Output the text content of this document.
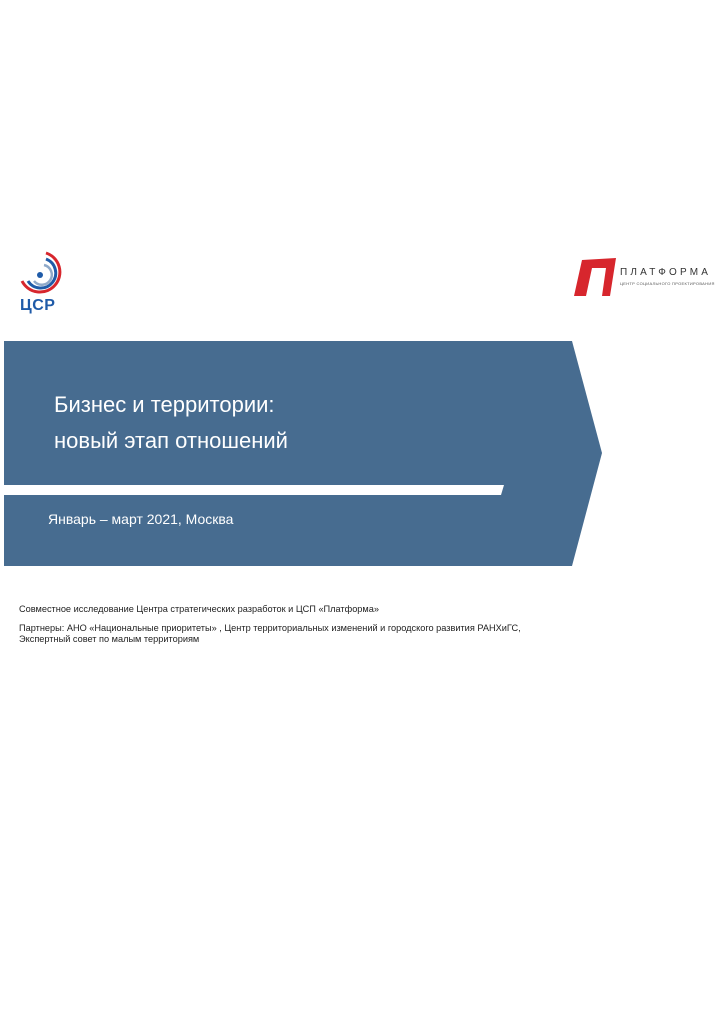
ЦСР
ПЛАТФОРМА
ЦЕНТР СОЦИАЛЬНОГО ПРОЕКТИРОВАНИЯ
Бизнес и территории:
новый этап отношений
Январь – март 2021, Москва

Совместное исследование Центра стратегических разработок и ЦСП «Платформа»

Партнеры: АНО «Национальные приоритеты» , Центр территориальных изменений и городского развития РАНХиГС,
Экспертный совет по малым территориям
